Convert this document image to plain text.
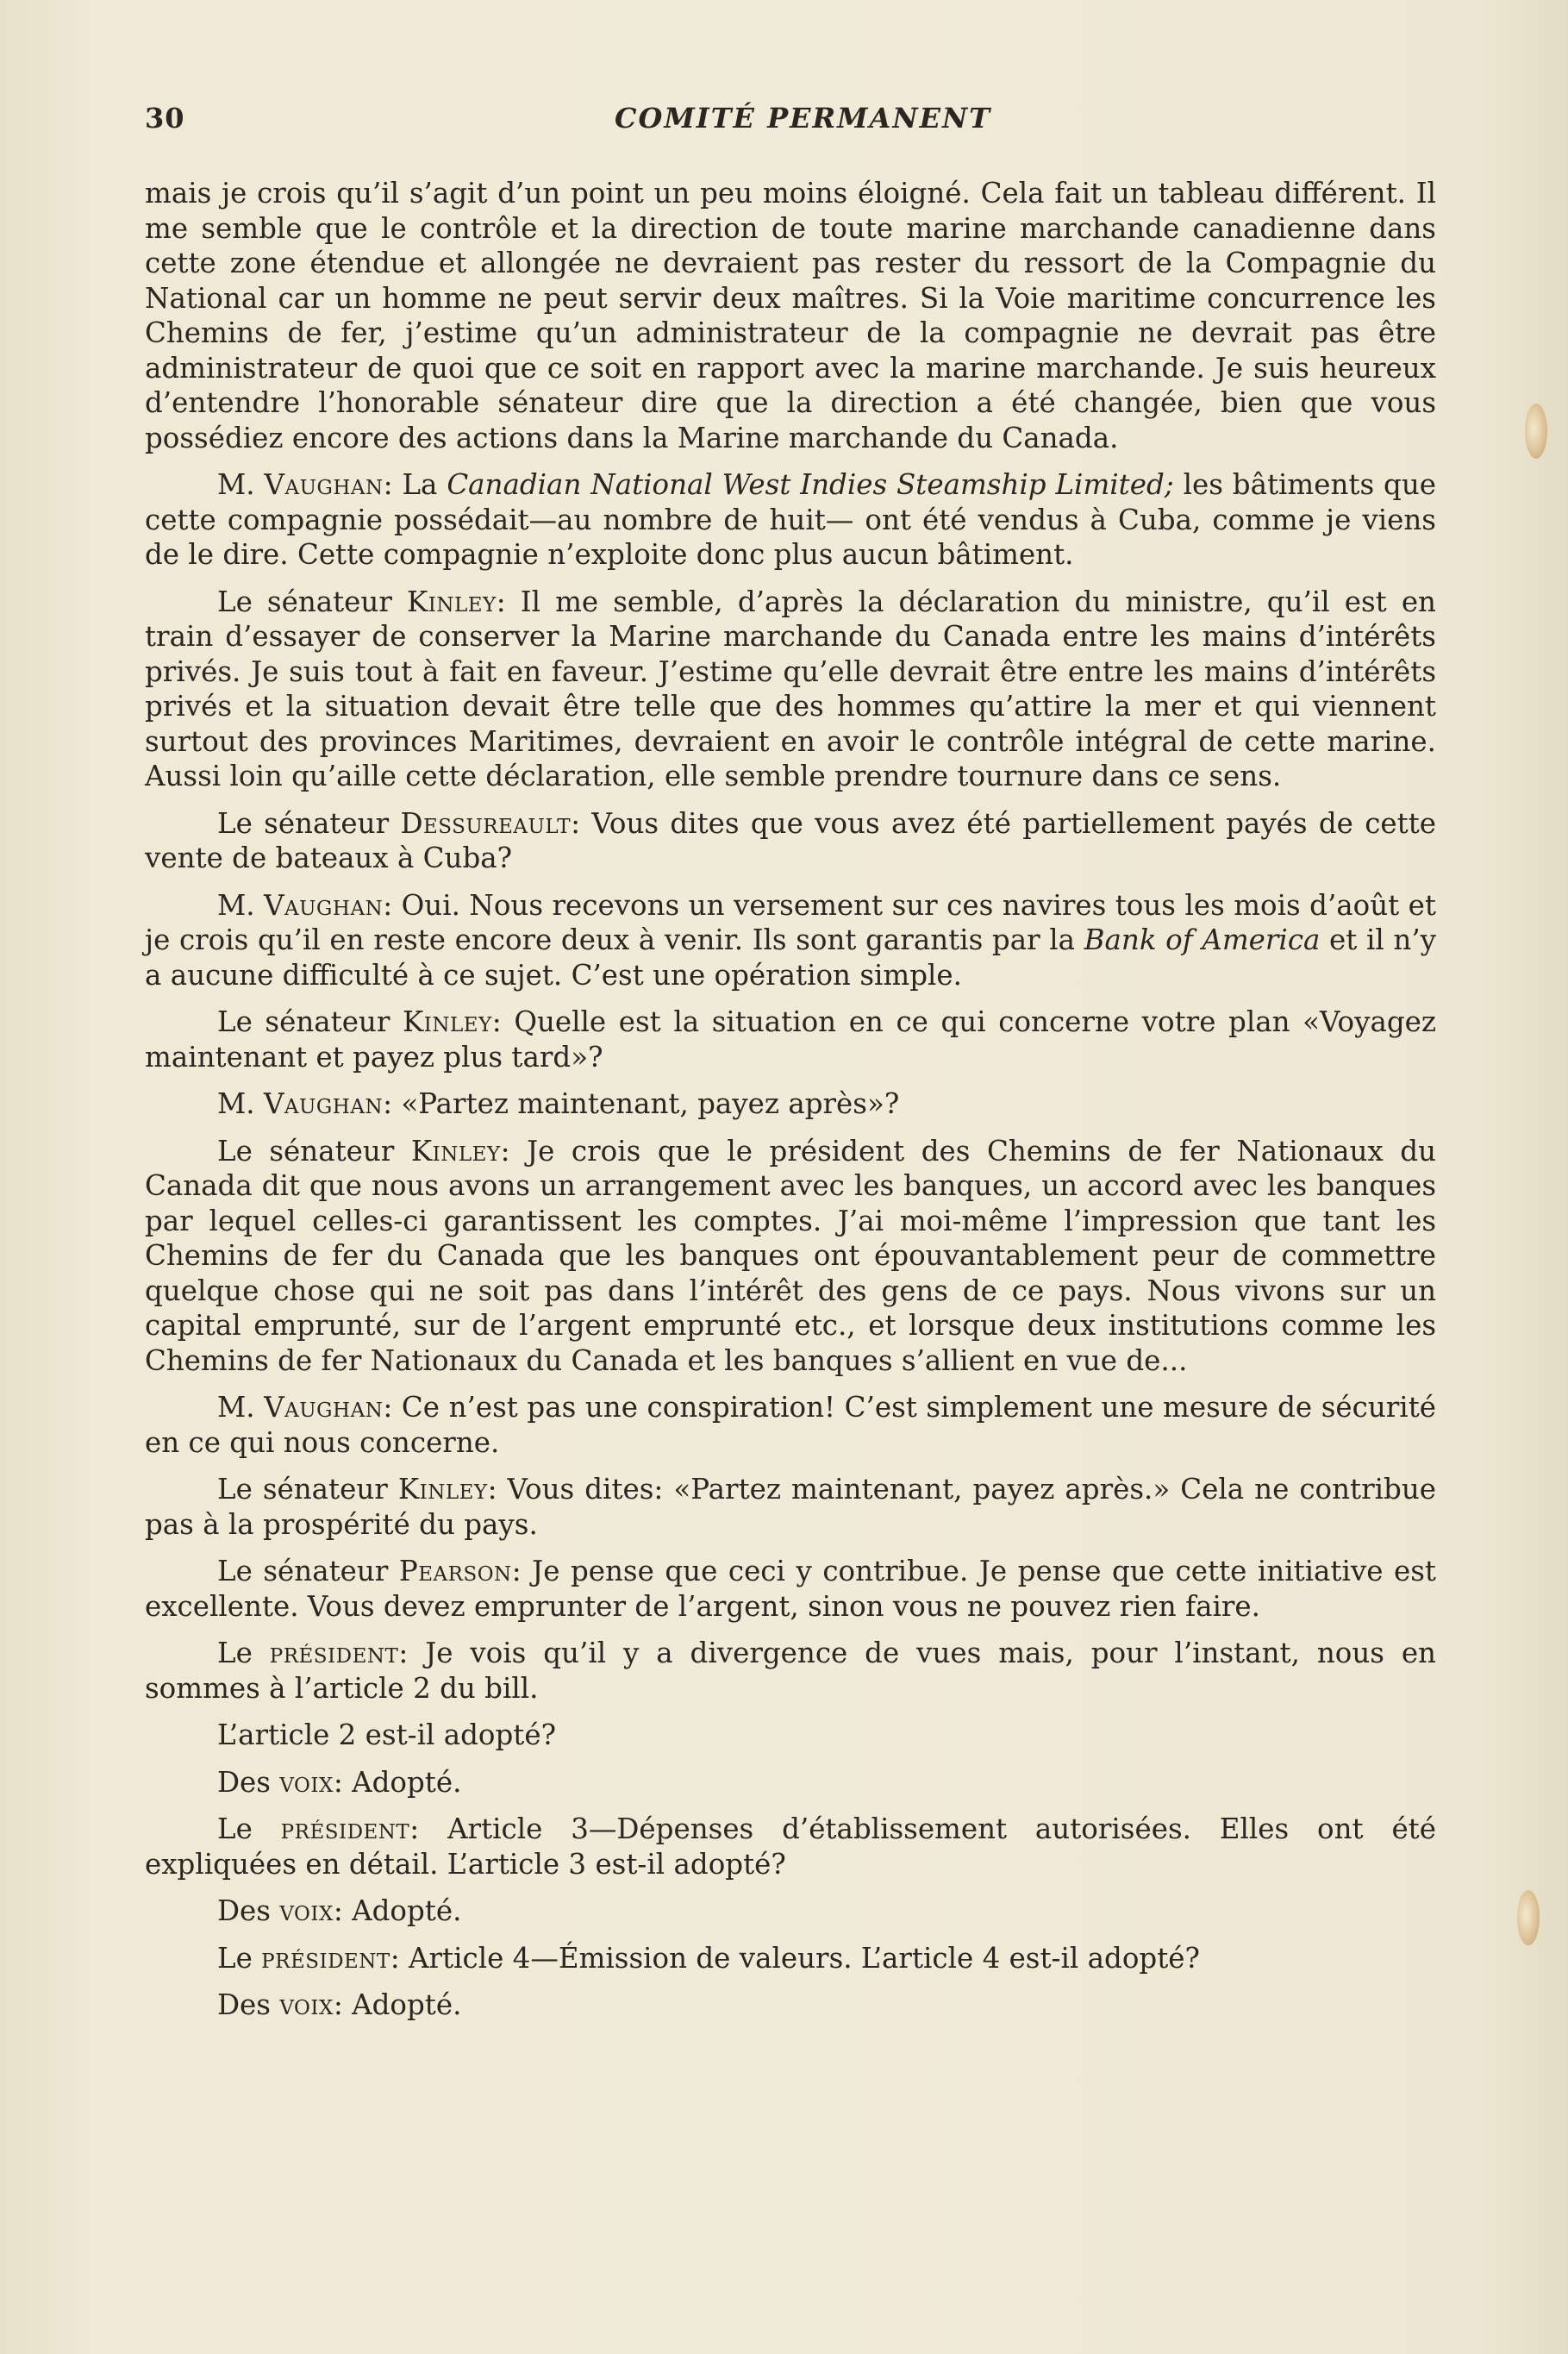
30	COMITÉ PERMANENT

mais je crois qu’il s’agit d’un point un peu moins éloigné. Cela fait un tableau différent. Il me semble que le contrôle et la direction de toute marine marchande canadienne dans cette zone étendue et allongée ne devraient pas rester du ressort de la Compagnie du National car un homme ne peut servir deux maîtres. Si la Voie maritime concurrence les Chemins de fer, j’estime qu’un administrateur de la compagnie ne devrait pas être administrateur de quoi que ce soit en rapport avec la marine marchande. Je suis heureux d’entendre l’honorable sénateur dire que la direction a été changée, bien que vous possédiez encore des actions dans la Marine marchande du Canada.

M. Vaughan: La Canadian National West Indies Steamship Limited; les bâtiments que cette compagnie possédait—au nombre de huit— ont été vendus à Cuba, comme je viens de le dire. Cette compagnie n’exploite donc plus aucun bâtiment.

Le sénateur Kinley: Il me semble, d’après la déclaration du ministre, qu’il est en train d’essayer de conserver la Marine marchande du Canada entre les mains d’intérêts privés. Je suis tout à fait en faveur. J’estime qu’elle devrait être entre les mains d’intérêts privés et la situation devait être telle que des hommes qu’attire la mer et qui viennent surtout des provinces Maritimes, devraient en avoir le contrôle intégral de cette marine. Aussi loin qu’aille cette déclaration, elle semble prendre tournure dans ce sens.

Le sénateur Dessureault: Vous dites que vous avez été partiellement payés de cette vente de bateaux à Cuba?

M. Vaughan: Oui. Nous recevons un versement sur ces navires tous les mois d’août et je crois qu’il en reste encore deux à venir. Ils sont garantis par la Bank of America et il n’y a aucune difficulté à ce sujet. C’est une opération simple.

Le sénateur Kinley: Quelle est la situation en ce qui concerne votre plan «Voyagez maintenant et payez plus tard»?

M. Vaughan: «Partez maintenant, payez après»?

Le sénateur Kinley: Je crois que le président des Chemins de fer Nationaux du Canada dit que nous avons un arrangement avec les banques, un accord avec les banques par lequel celles-ci garantissent les comptes. J’ai moi-même l’impression que tant les Chemins de fer du Canada que les banques ont épouvantablement peur de commettre quelque chose qui ne soit pas dans l’intérêt des gens de ce pays. Nous vivons sur un capital emprunté, sur de l’argent emprunté etc., et lorsque deux institutions comme les Chemins de fer Nationaux du Canada et les banques s’allient en vue de...

M. Vaughan: Ce n’est pas une conspiration! C’est simplement une mesure de sécurité en ce qui nous concerne.

Le sénateur Kinley: Vous dites: «Partez maintenant, payez après.» Cela ne contribue pas à la prospérité du pays.

Le sénateur Pearson: Je pense que ceci y contribue. Je pense que cette initiative est excellente. Vous devez emprunter de l’argent, sinon vous ne pouvez rien faire.

Le président: Je vois qu’il y a divergence de vues mais, pour l’instant, nous en sommes à l’article 2 du bill.

L’article 2 est-il adopté?

Des voix: Adopté.

Le président: Article 3—Dépenses d’établissement autorisées. Elles ont été expliquées en détail. L’article 3 est-il adopté?

Des voix: Adopté.

Le président: Article 4—Émission de valeurs. L’article 4 est-il adopté?

Des voix: Adopté.
